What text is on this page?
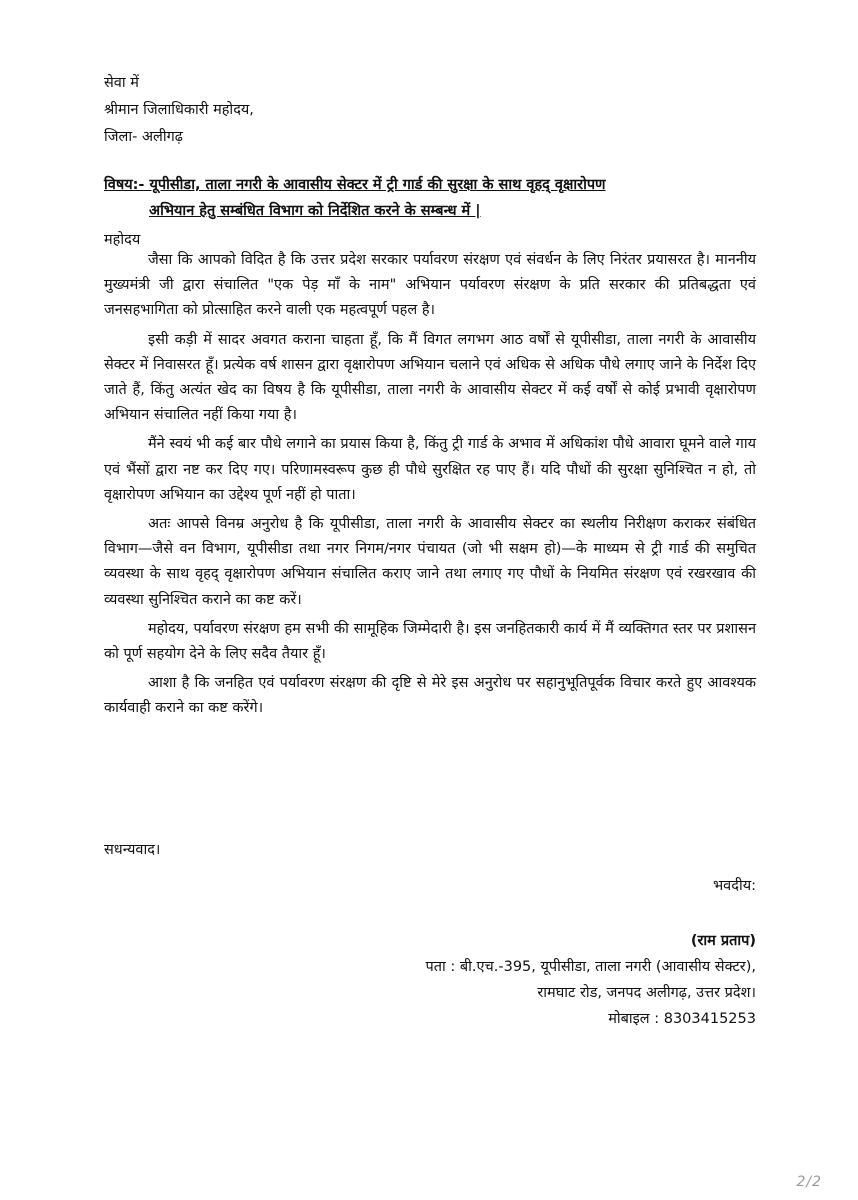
सेवा में
श्रीमान जिलाधिकारी महोदय,
जिला- अलीगढ़
विषय:- यूपीसीडा, ताला नगरी के आवासीय सेक्टर में ट्री गार्ड की सुरक्षा के साथ वृहद् वृक्षारोपण
अभियान हेतु सम्बंधित विभाग को निर्देशित करने के सम्बन्ध में |
महोदय

जैसा कि आपको विदित है कि उत्तर प्रदेश सरकार पर्यावरण संरक्षण एवं संवर्धन के लिए निरंतर प्रयासरत है। माननीय मुख्यमंत्री जी द्वारा संचालित "एक पेड़ माँ के नाम" अभियान पर्यावरण संरक्षण के प्रति सरकार की प्रतिबद्धता एवं जनसहभागिता को प्रोत्साहित करने वाली एक महत्वपूर्ण पहल है।

इसी कड़ी में सादर अवगत कराना चाहता हूँ, कि मैं विगत लगभग आठ वर्षों से यूपीसीडा, ताला नगरी के आवासीय सेक्टर में निवासरत हूँ। प्रत्येक वर्ष शासन द्वारा वृक्षारोपण अभियान चलाने एवं अधिक से अधिक पौधे लगाए जाने के निर्देश दिए जाते हैं, किंतु अत्यंत खेद का विषय है कि यूपीसीडा, ताला नगरी के आवासीय सेक्टर में कई वर्षों से कोई प्रभावी वृक्षारोपण अभियान संचालित नहीं किया गया है।

मैंने स्वयं भी कई बार पौधे लगाने का प्रयास किया है, किंतु ट्री गार्ड के अभाव में अधिकांश पौधे आवारा घूमने वाले गाय एवं भैंसों द्वारा नष्ट कर दिए गए। परिणामस्वरूप कुछ ही पौधे सुरक्षित रह पाए हैं। यदि पौधों की सुरक्षा सुनिश्चित न हो, तो वृक्षारोपण अभियान का उद्देश्य पूर्ण नहीं हो पाता।

अतः आपसे विनम्र अनुरोध है कि यूपीसीडा, ताला नगरी के आवासीय सेक्टर का स्थलीय निरीक्षण कराकर संबंधित विभाग—जैसे वन विभाग, यूपीसीडा तथा नगर निगम/नगर पंचायत (जो भी सक्षम हो)—के माध्यम से ट्री गार्ड की समुचित व्यवस्था के साथ वृहद् वृक्षारोपण अभियान संचालित कराए जाने तथा लगाए गए पौधों के नियमित संरक्षण एवं रखरखाव की व्यवस्था सुनिश्चित कराने का कष्ट करें।

महोदय, पर्यावरण संरक्षण हम सभी की सामूहिक जिम्मेदारी है। इस जनहितकारी कार्य में मैं व्यक्तिगत स्तर पर प्रशासन को पूर्ण सहयोग देने के लिए सदैव तैयार हूँ।

आशा है कि जनहित एवं पर्यावरण संरक्षण की दृष्टि से मेरे इस अनुरोध पर सहानुभूतिपूर्वक विचार करते हुए आवश्यक कार्यवाही कराने का कष्ट करेंगे।

सधन्यवाद।
भवदीय:
(राम प्रताप)
पता : बी.एच.-395, यूपीसीडा, ताला नगरी (आवासीय सेक्टर),
रामघाट रोड, जनपद अलीगढ़, उत्तर प्रदेश।
मोबाइल : 8303415253
2/2
